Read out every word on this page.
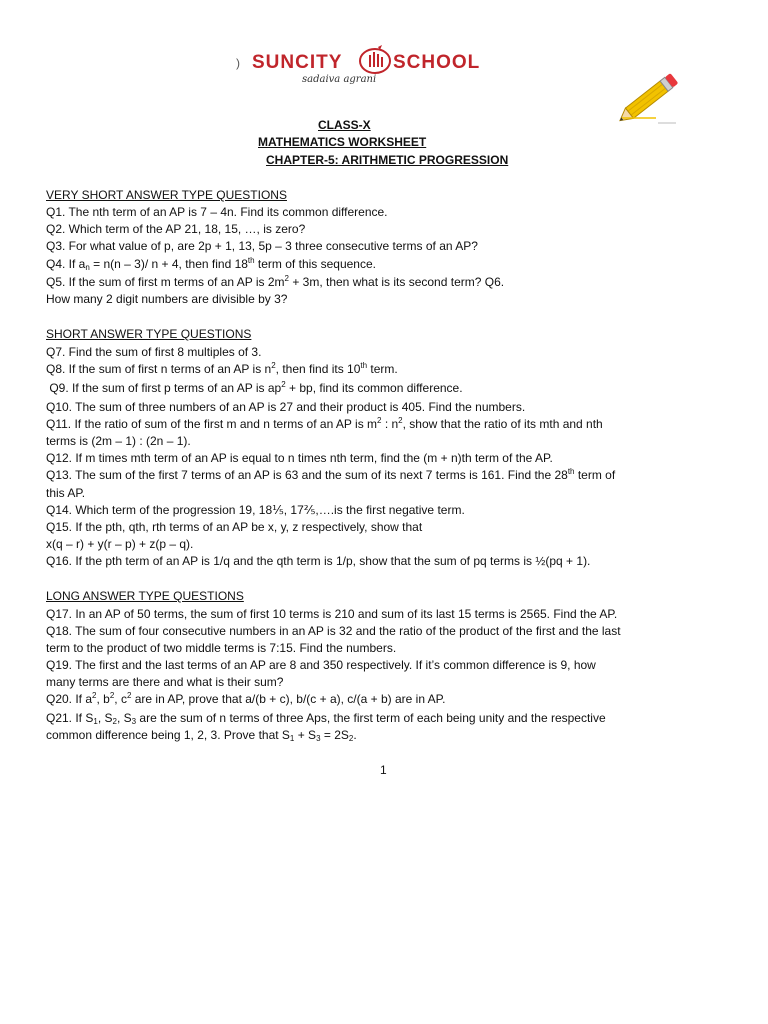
) SUNCITY	SCHOOL
sadaiva agrani
CLASS-X
MATHEMATICS WORKSHEET
CHAPTER-5: ARITHMETIC PROGRESSION
VERY SHORT ANSWER TYPE QUESTIONS
Q1. The nth term of an AP is 7 – 4n. Find its common difference.
Q2. Which term of the AP 21, 18, 15, …, is zero?
Q3. For what value of p, are 2p + 1, 13, 5p – 3 three consecutive terms of an AP?
Q4. If $a_n = n(n - 3)/$ n + 4, then find 18th term of this sequence.
Q5. If the sum of first m terms of an AP is $2m^2 + 3m$, then what is its second term? Q6.
How many 2 digit numbers are divisible by 3?
SHORT ANSWER TYPE QUESTIONS
Q7. Find the sum of first 8 multiples of 3.
Q8. If the sum of first n terms of an AP is $n^2$, then find its 10th term.
Q9. If the sum of first p terms of an AP is $ap^2$ + bp, find its common difference.
Q10. The sum of three numbers of an AP is 27 and their product is 405. Find the numbers.
Q11. If the ratio of sum of the first m and n terms of an AP is $m^2$ : $n^2$, show that the ratio of its mth and nth
terms is (2m – 1) : (2n – 1).
Q12. If m times mth term of an AP is equal to n times nth term, find the (m + n)th term of the AP.
Q13. The sum of the first 7 terms of an AP is 63 and the sum of its next 7 terms is 161. Find the 28th term of
this AP.
Q14. Which term of the progression 19, 18⅕, 17⅖,….is the first negative term.
Q15. If the pth, qth, rth terms of an AP be x, y, z respectively, show that
x(q – r) + y(r – p) + z(p – q).
Q16. If the pth term of an AP is 1/q and the qth term is 1/p, show that the sum of pq terms is ½(pq + 1).
LONG ANSWER TYPE QUESTIONS
Q17. In an AP of 50 terms, the sum of first 10 terms is 210 and sum of its last 15 terms is 2565. Find the AP.
Q18. The sum of four consecutive numbers in an AP is 32 and the ratio of the product of the first and the last
term to the product of two middle terms is 7:15. Find the numbers.
Q19. The first and the last terms of an AP are 8 and 350 respectively. If it’s common difference is 9, how
many terms are there and what is their sum?
Q20. If $a^2$, $b^2$, $c^2$ are in AP, prove that a/(b + c), b/(c + a), c/(a + b) are in AP.
Q21. If $S_1$, $S_2$, $S_3$ are the sum of n terms of three Aps, the first term of each being unity and the respective
common difference being 1, 2, 3. Prove that $S_1 + S_3 = 2S_2$.
1
